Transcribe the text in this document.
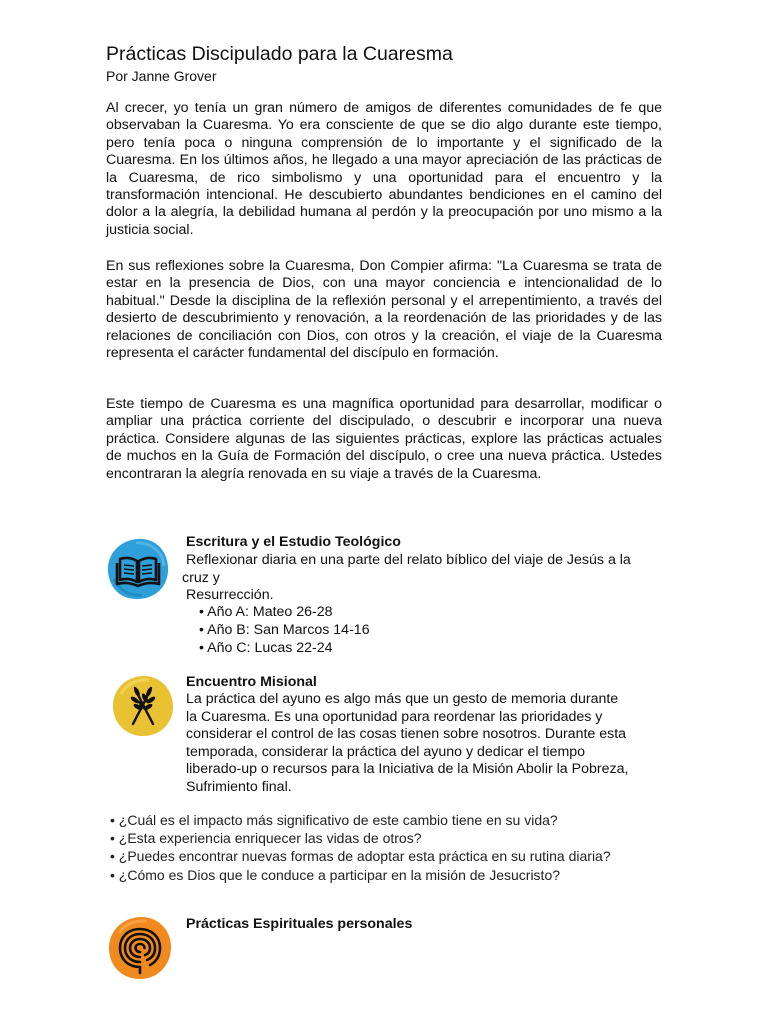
Prácticas Discipulado para la Cuaresma
Por Janne Grover

Al crecer, yo tenía un gran número de amigos de diferentes comunidades de fe que observaban la Cuaresma. Yo era consciente de que se dio algo durante este tiempo, pero tenía poca o ninguna comprensión de lo importante y el significado de la Cuaresma. En los últimos años, he llegado a una mayor apreciación de las prácticas de la Cuaresma, de rico simbolismo y una oportunidad para el encuentro y la transformación intencional. He descubierto abundantes bendiciones en el camino del dolor a la alegría, la debilidad humana al perdón y la preocupación por uno mismo a la justicia social.

En sus reflexiones sobre la Cuaresma, Don Compier afirma: "La Cuaresma se trata de estar en la presencia de Dios, con una mayor conciencia e intencionalidad de lo habitual." Desde la disciplina de la reflexión personal y el arrepentimiento, a través del desierto de descubrimiento y renovación, a la reordenación de las prioridades y de las relaciones de conciliación con Dios, con otros y la creación, el viaje de la Cuaresma representa el carácter fundamental del discípulo en formación.

Este tiempo de Cuaresma es una magnífica oportunidad para desarrollar, modificar o ampliar una práctica corriente del discipulado, o descubrir e incorporar una nueva práctica. Considere algunas de las siguientes prácticas, explore las prácticas actuales de muchos en la Guía de Formación del discípulo, o cree una nueva práctica. Ustedes encontraran la alegría renovada en su viaje a través de la Cuaresma.

Escritura y el Estudio Teológico
Reflexionar diaria en una parte del relato bíblico del viaje de Jesús a la
cruz y
Resurrección.
• Año A: Mateo 26-28
• Año B: San Marcos 14-16
• Año C: Lucas 22-24
Encuentro Misional
La práctica del ayuno es algo más que un gesto de memoria durante
la Cuaresma. Es una oportunidad para reordenar las prioridades y
considerar el control de las cosas tienen sobre nosotros. Durante esta
temporada, considerar la práctica del ayuno y dedicar el tiempo
liberado-up o recursos para la Iniciativa de la Misión Abolir la Pobreza,
Sufrimiento final.
• ¿Cuál es el impacto más significativo de este cambio tiene en su vida?
• ¿Esta experiencia enriquecer las vidas de otros?
• ¿Puedes encontrar nuevas formas de adoptar esta práctica en su rutina diaria?
• ¿Cómo es Dios que le conduce a participar en la misión de Jesucristo?
Prácticas Espirituales personales
